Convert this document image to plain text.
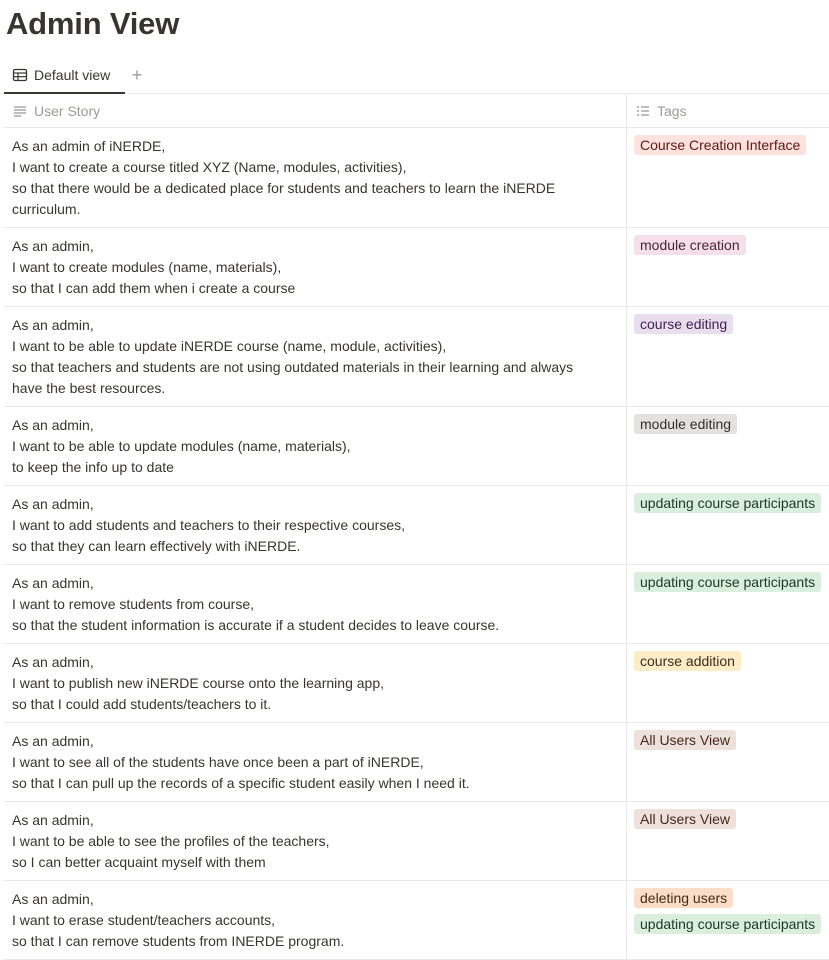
Admin View
Default view +
User Story	Tags
As an admin of iNERDE,
I want to create a course titled XYZ (Name, modules, activities),
so that there would be a dedicated place for students and teachers to learn the iNERDE
curriculum.
Course Creation Interface
As an admin,
I want to create modules (name, materials),
so that I can add them when i create a course
module creation
As an admin,
I want to be able to update iNERDE course (name, module, activities),
so that teachers and students are not using outdated materials in their learning and always
have the best resources.
course editing
As an admin,
I want to be able to update modules (name, materials),
to keep the info up to date
module editing
As an admin,
I want to add students and teachers to their respective courses,
so that they can learn effectively with iNERDE.
updating course participants
As an admin,
I want to remove students from course,
so that the student information is accurate if a student decides to leave course.
updating course participants
As an admin,
I want to publish new iNERDE course onto the learning app,
so that I could add students/teachers to it.
course addition
As an admin,
I want to see all of the students have once been a part of iNERDE,
so that I can pull up the records of a specific student easily when I need it.
All Users View
As an admin,
I want to be able to see the profiles of the teachers,
so I can better acquaint myself with them
All Users View
As an admin,
I want to erase student/teachers accounts,
so that I can remove students from INERDE program.
deleting users
updating course participants
